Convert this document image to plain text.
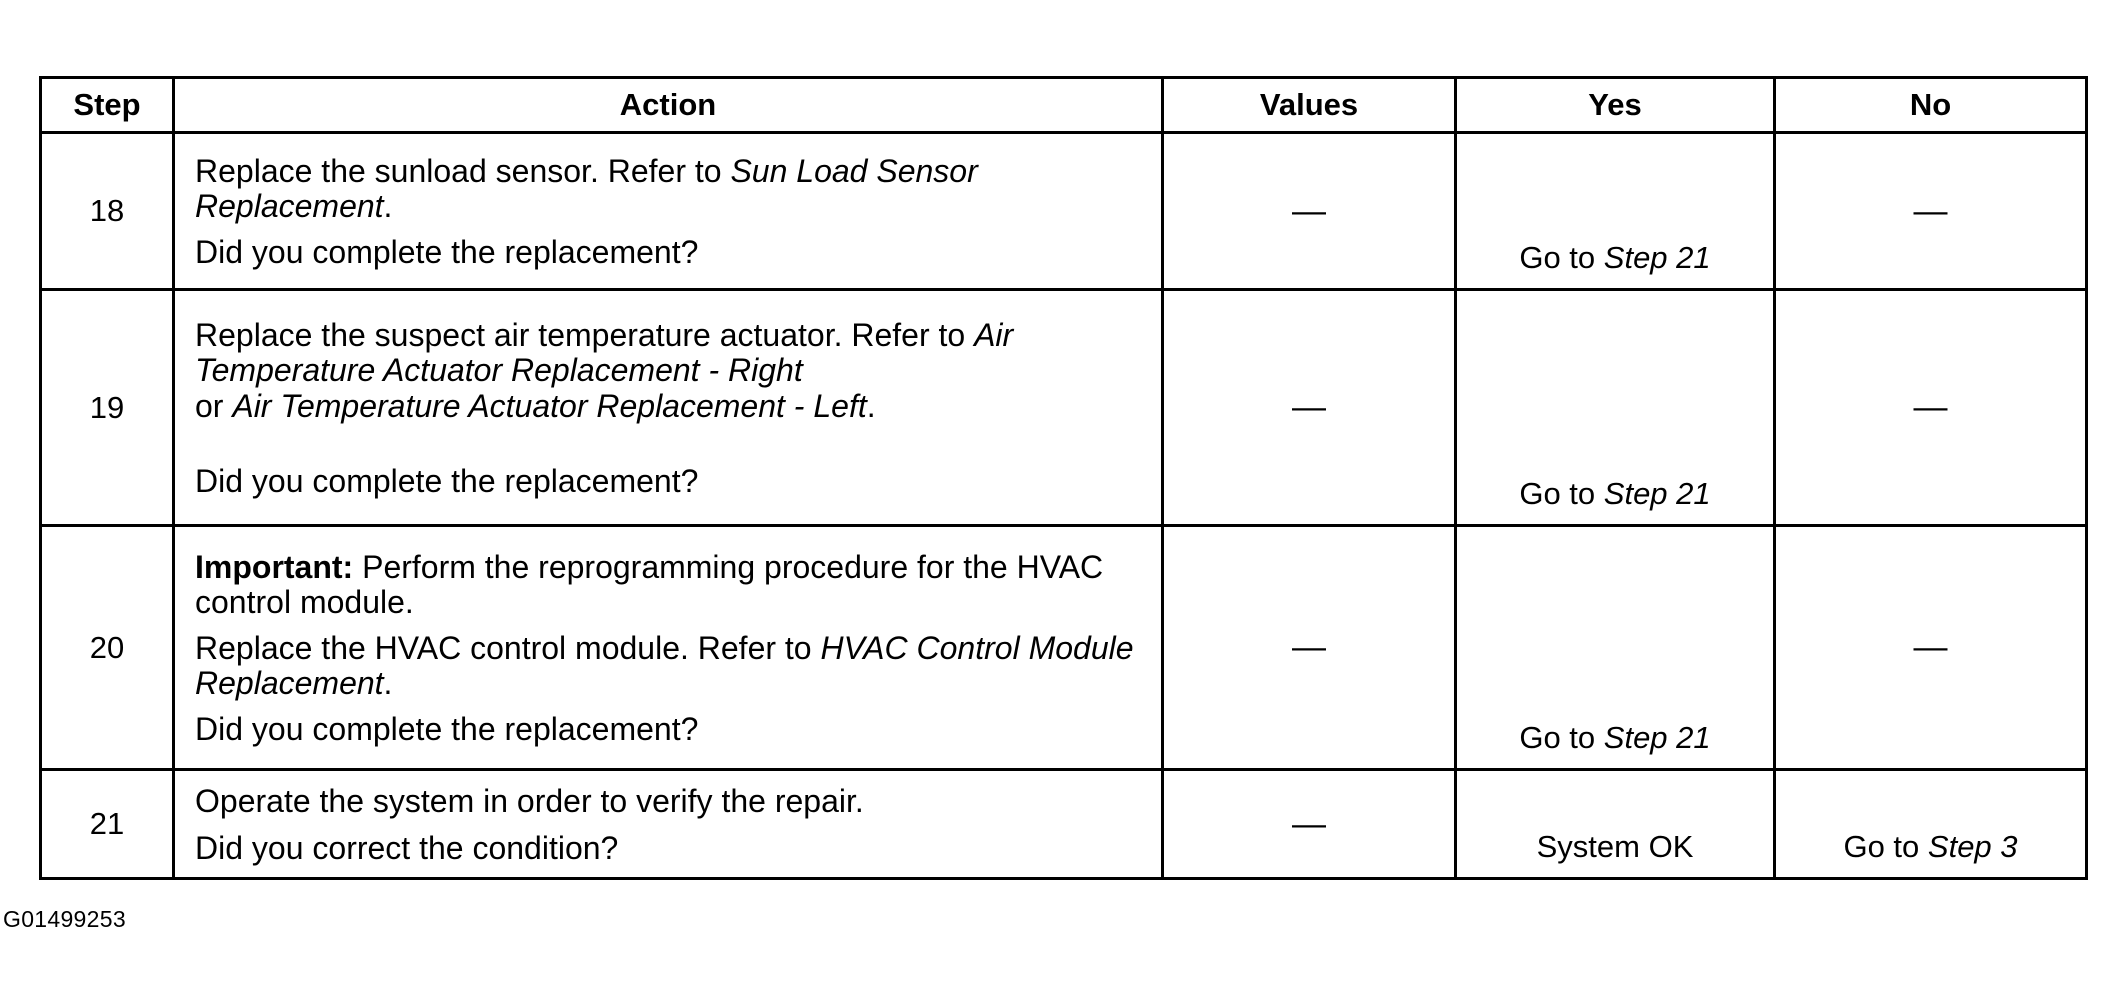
Step	Action	Values	Yes	No
18	Replace the sunload sensor. Refer to Sun Load Sensor Replacement.

Did you complete the replacement?	—	Go to Step 21	—
19	Replace the suspect air temperature actuator. Refer to Air Temperature Actuator Replacement - Right
or Air Temperature Actuator Replacement - Left.

Did you complete the replacement?	—	Go to Step 21	—
20	Important: Perform the reprogramming procedure for the HVAC control module.

Replace the HVAC control module. Refer to HVAC Control Module Replacement.

Did you complete the replacement?	—	Go to Step 21	—
21	Operate the system in order to verify the repair.

Did you correct the condition?	—	System OK	Go to Step 3
G01499253
